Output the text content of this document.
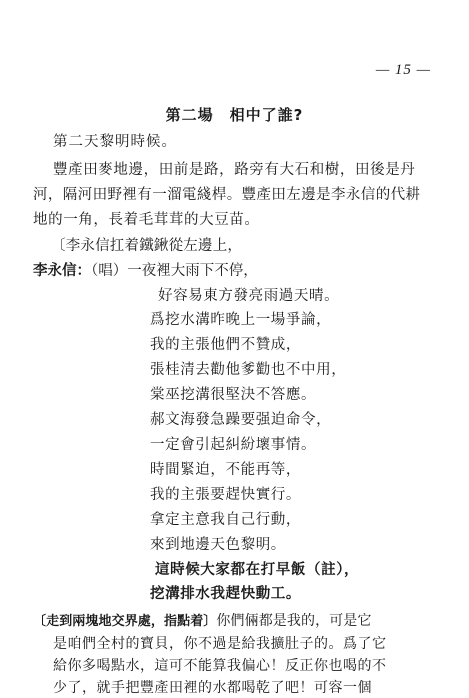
— 15 —
第二場　相中了誰?
第二天黎明時候。
豐產田麥地邊，田前是路，路旁有大石和樹，田後是丹
河，隔河田野裡有一溜電綫桿。豐產田左邊是李永信的代耕
地的一角，長着毛茸茸的大豆苗。
〔李永信扛着鐵鍬從左邊上，
李永信：（唱）一夜裡大雨下不停，
好容易東方發亮雨過天晴。
爲挖水溝昨晚上一場爭論，
我的主張他們不贊成，
張桂清去勸他爹勸也不中用，
棠巫挖溝很堅決不答應。
郝文海發急躁要强迫命令，
一定會引起糾紛壞事情。
時間緊迫，不能再等，
我的主張要趕快實行。
拿定主意我自己行動，
來到地邊天色黎明。
這時候大家都在打早飯（註），
挖溝排水我趕快動工。
〔走到兩塊地交界處，指點着〕你們倆都是我的，可是它
是咱們全村的寶貝，你不過是給我擴肚子的。爲了它
給你多喝點水，這可不能算我偏心！反正你也喝的不
少了，就手把豐產田裡的水都喝乾了吧！可容一個
